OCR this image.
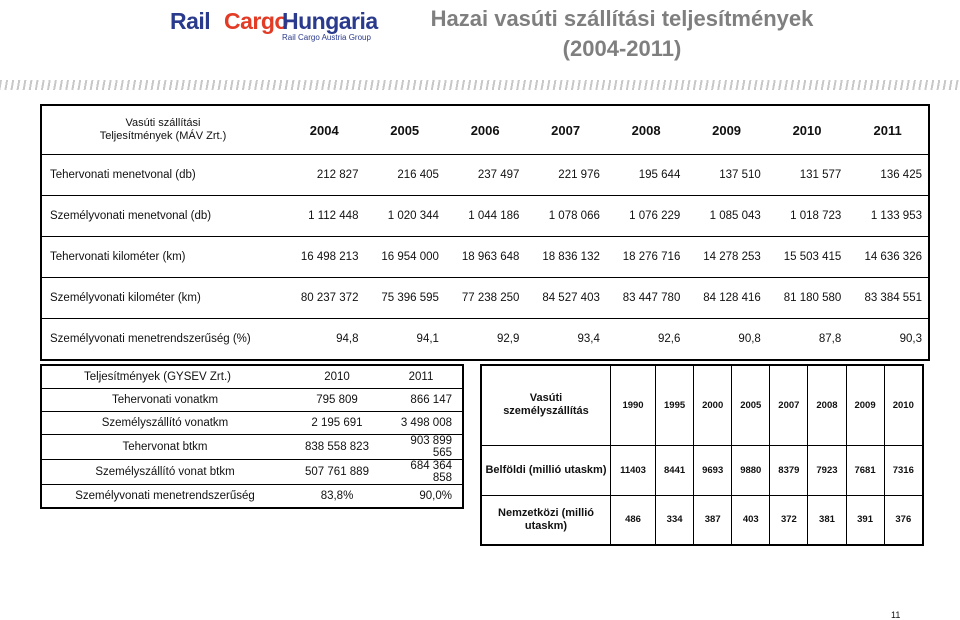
Rail Cargo
Hungaria
Rail Cargo Austria Group
Hazai vasúti szállítási teljesítmények
(2004-2011)
Vasúti szállítási
Teljesítmények (MÁV Zrt.)	2004	2005	2006	2007	2008	2009	2010	2011
Tehervonati menetvonal (db)	212 827	216 405	237 497	221 976	195 644	137 510	131 577	136 425
Személyvonati menetvonal (db)	1 112 448	1 020 344	1 044 186	1 078 066	1 076 229	1 085 043	1 018 723	1 133 953
Tehervonati kilométer (km)	16 498 213	16 954 000	18 963 648	18 836 132	18 276 716	14 278 253	15 503 415	14 636 326
Személyvonati kilométer (km)	80 237 372	75 396 595	77 238 250	84 527 403	83 447 780	84 128 416	81 180 580	83 384 551
Személyvonati menetrendszerűség (%)	94,8	94,1	92,9	93,4	92,6	90,8	87,8	90,3
Teljesítmények (GYSEV Zrt.)	2010	2011
Tehervonati vonatkm	795 809	866 147
Személyszállító vonatkm	2 195 691	3 498 008
Tehervonat btkm	838 558 823	903 899 565
Személyszállító vonat btkm	507 761 889	684 364 858
Személyvonati menetrendszerűség	83,8%	90,0%
Vasúti
személyszállítás	1990	1995	2000	2005	2007	2008	2009	2010

Belföldi (millió utaskm)	11403	8441	9693	9880	8379	7923	7681	7316

Nemzetközi (millió
utaskm)	486	334	387	403	372	381	391	376
11
